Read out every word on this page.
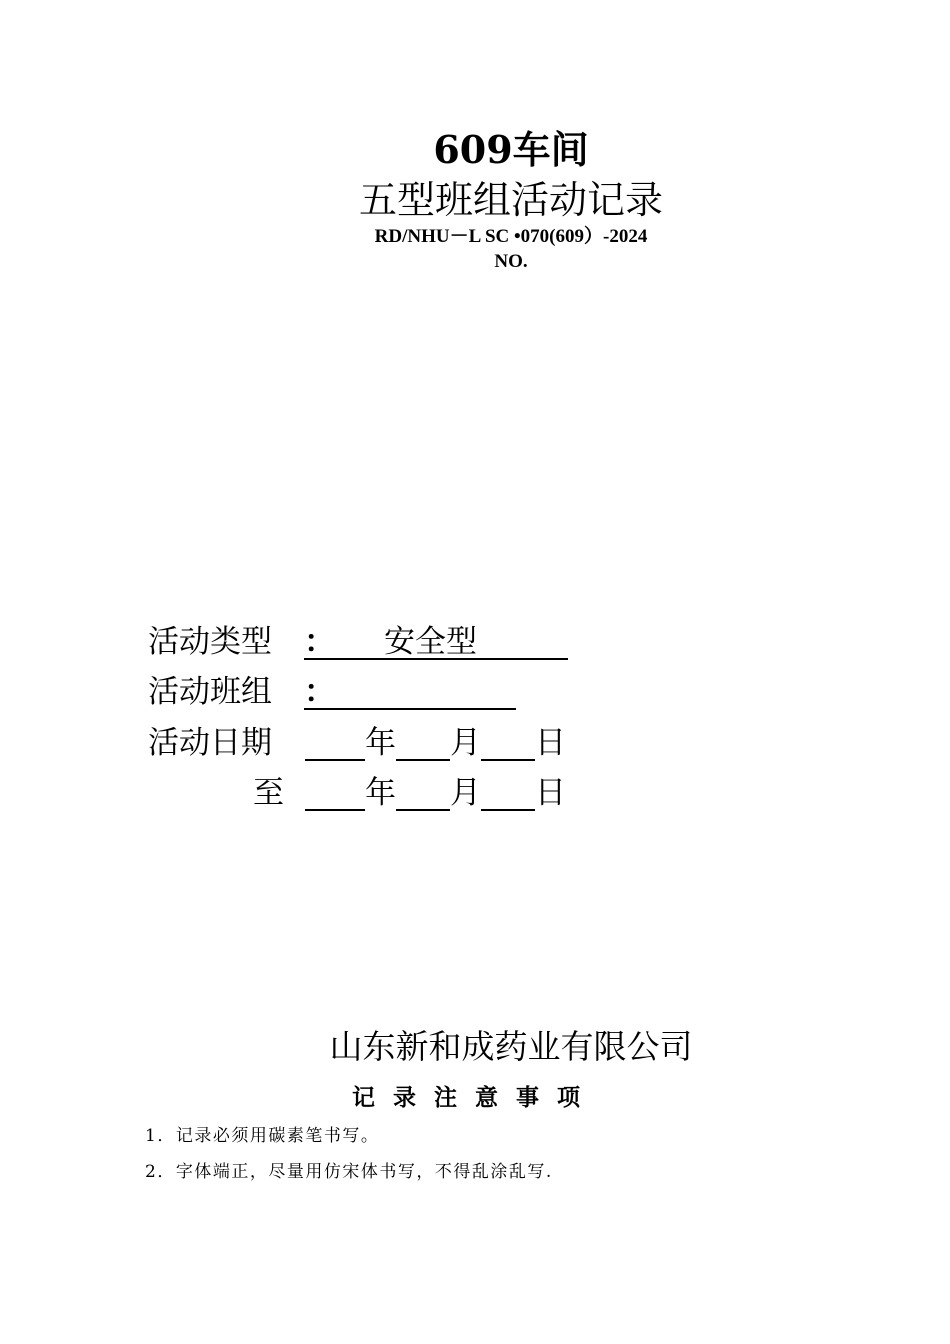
609车间
五型班组活动记录
RD/NHU－L SC •070(609）-2024
NO.
活动类型 ： 安全型
活动班组 ：
活动日期	年 月 日
至	年 月 日
山东新和成药业有限公司
记录注意事项
1．记录必须用碳素笔书写。
2．字体端正，尽量用仿宋体书写，不得乱涂乱写.
